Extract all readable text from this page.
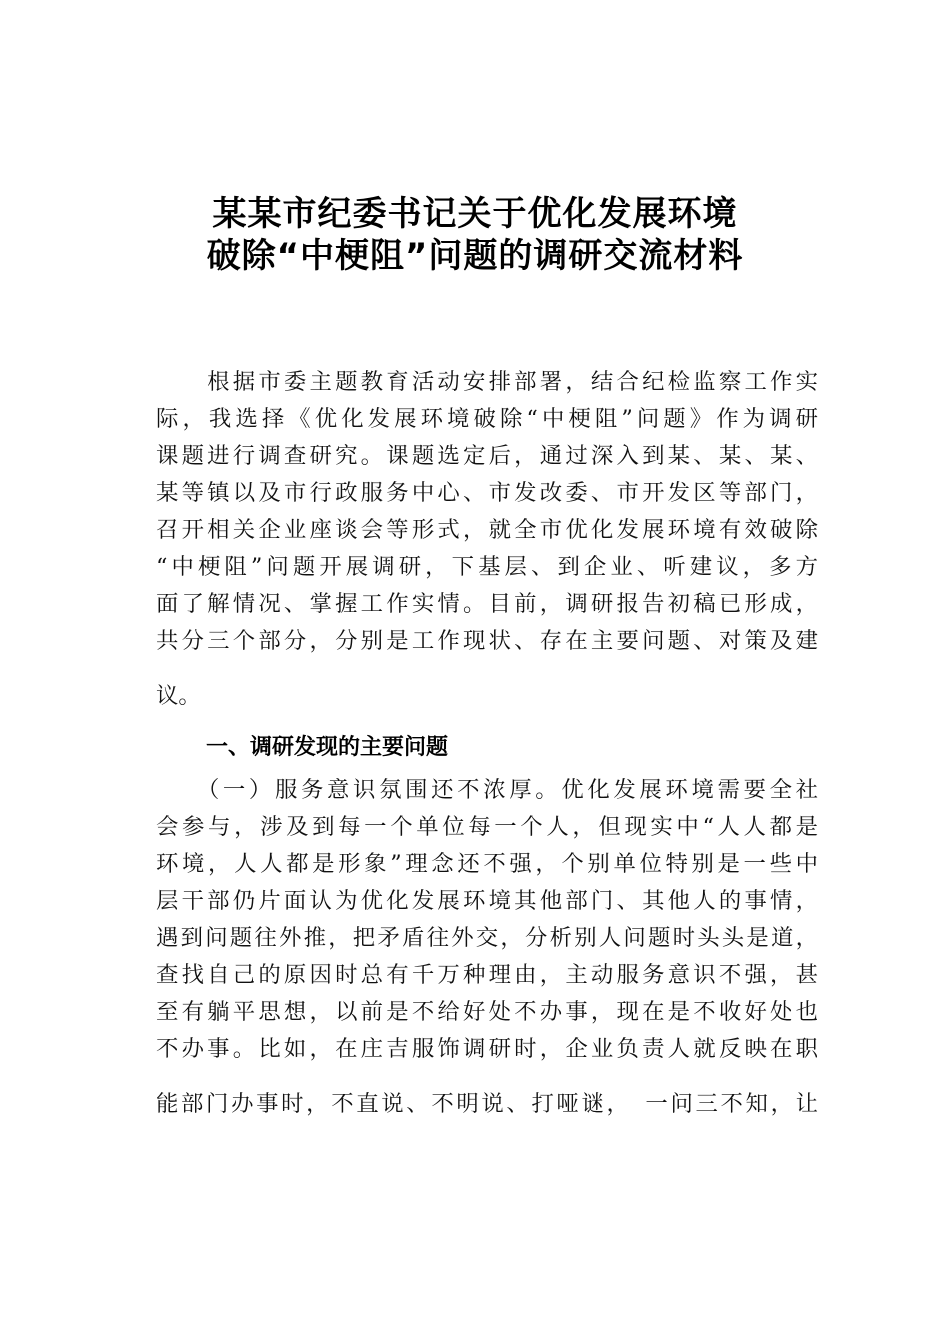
某某市纪委书记关于优化发展环境
破除“中梗阻”问题的调研交流材料
　　根据市委主题教育活动安排部署，结合纪检监察工作实
际，我选择《优化发展环境破除“中梗阻”问题》作为调研
课题进行调查研究。课题选定后，通过深入到某、某、某、
某等镇以及市行政服务中心、市发改委、市开发区等部门，
召开相关企业座谈会等形式，就全市优化发展环境有效破除
“中梗阻”问题开展调研，下基层、到企业、听建议，多方
面了解情况、掌握工作实情。目前，调研报告初稿已形成，
共分三个部分，分别是工作现状、存在主要问题、对策及建
议。
一、调研发现的主要问题
　　（一）服务意识氛围还不浓厚。优化发展环境需要全社
会参与，涉及到每一个单位每一个人，但现实中“人人都是
环境，人人都是形象”理念还不强，个别单位特别是一些中
层干部仍片面认为优化发展环境其他部门、其他人的事情，
遇到问题往外推，把矛盾往外交，分析别人问题时头头是道，
查找自己的原因时总有千万种理由，主动服务意识不强，甚
至有躺平思想，以前是不给好处不办事，现在是不收好处也
不办事。比如，在庄吉服饰调研时，企业负责人就反映在职
能部门办事时，不直说、不明说、打哑谜，　一问三不知，让
